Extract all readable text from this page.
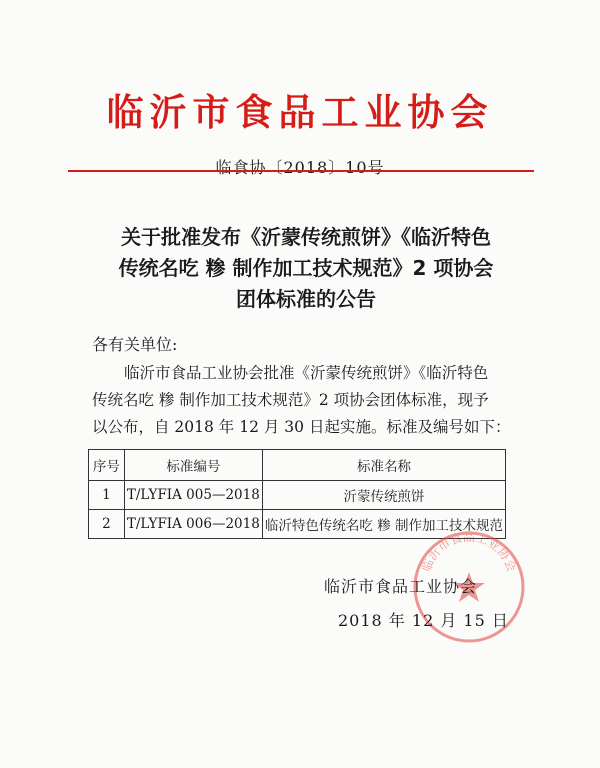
临沂市食品工业协会
临食协〔2018〕10号
关于批准发布《沂蒙传统煎饼》《临沂特色
传统名吃 糁 制作加工技术规范》2 项协会
团体标准的公告
各有关单位:
临沂市食品工业协会批准《沂蒙传统煎饼》《临沂特色
传统名吃 糁 制作加工技术规范》2 项协会团体标准，现予
以公布，自 2018 年 12 月 30 日起实施。标准及编号如下：
序号	标准编号	标准名称
1	T/LYFIA 005—2018	沂蒙传统煎饼
2	T/LYFIA 006—2018	临沂特色传统名吃 糁 制作加工技术规范
临沂市食品工业协会
临沂市食品工业协会
2018 年 12 月 15 日
